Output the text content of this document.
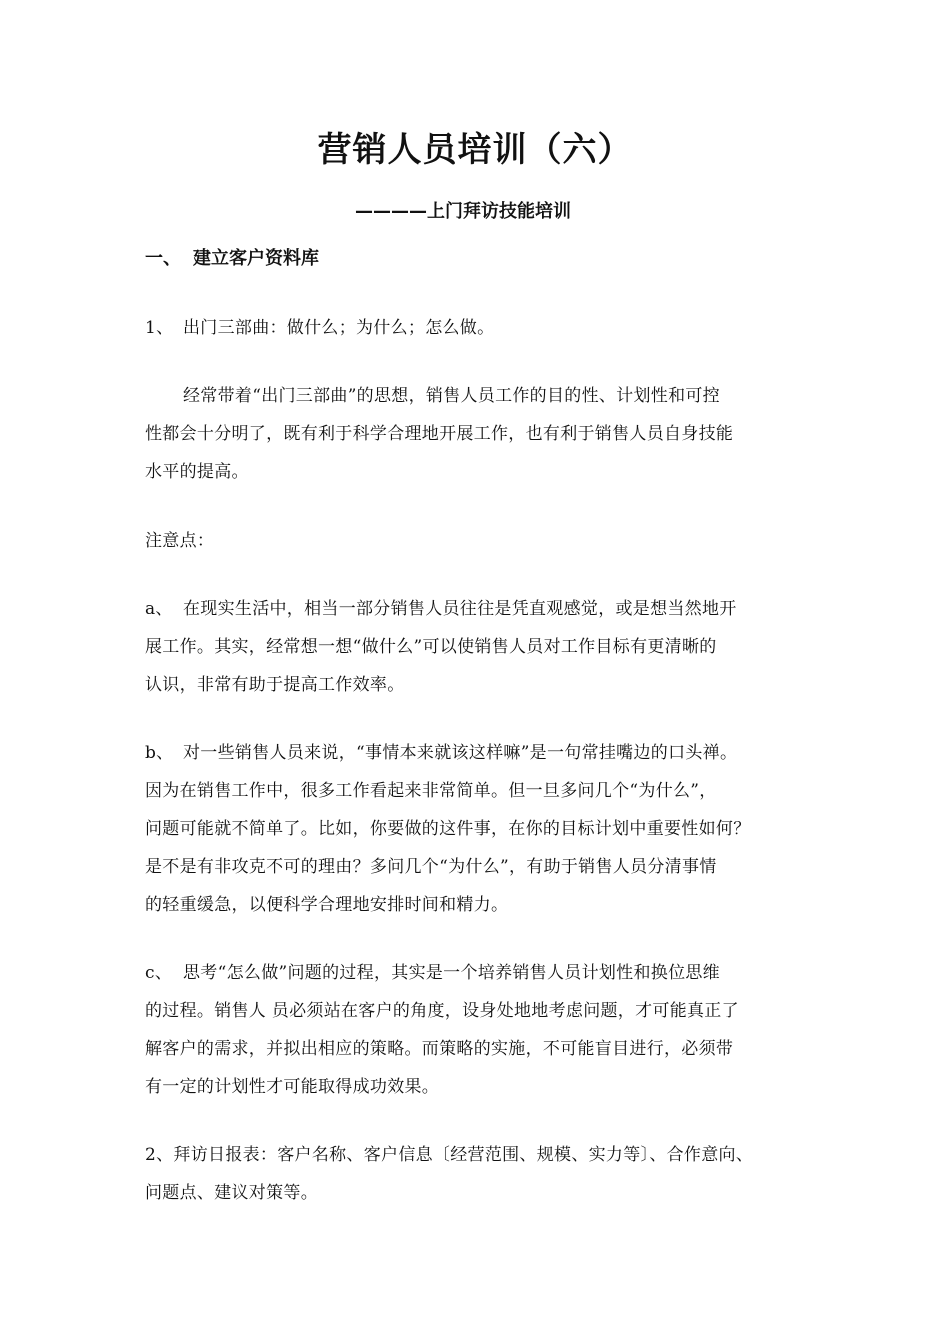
营销人员培训（六）
————上门拜访技能培训
一、 建立客户资料库
1、 出门三部曲：做什么；为什么；怎么做。
经常带着“出门三部曲”的思想，销售人员工作的目的性、计划性和可控
性都会十分明了，既有利于科学合理地开展工作，也有利于销售人员自身技能
水平的提高。
注意点：
a、 在现实生活中，相当一部分销售人员往往是凭直观感觉，或是想当然地开
展工作。其实，经常想一想“做什么”可以使销售人员对工作目标有更清晰的
认识，非常有助于提高工作效率。
b、 对一些销售人员来说，“事情本来就该这样嘛”是一句常挂嘴边的口头禅。
因为在销售工作中，很多工作看起来非常简单。但一旦多问几个“为什么”，
问题可能就不简单了。比如，你要做的这件事，在你的目标计划中重要性如何？
是不是有非攻克不可的理由？多问几个“为什么”，有助于销售人员分清事情
的轻重缓急，以便科学合理地安排时间和精力。
c、 思考“怎么做”问题的过程，其实是一个培养销售人员计划性和换位思维
的过程。销售人 员必须站在客户的角度，设身处地地考虑问题，才可能真正了
解客户的需求，并拟出相应的策略。而策略的实施，不可能盲目进行，必须带
有一定的计划性才可能取得成功效果。
2、拜访日报表：客户名称、客户信息〔经营范围、规模、实力等〕、合作意向、
问题点、建议对策等。
